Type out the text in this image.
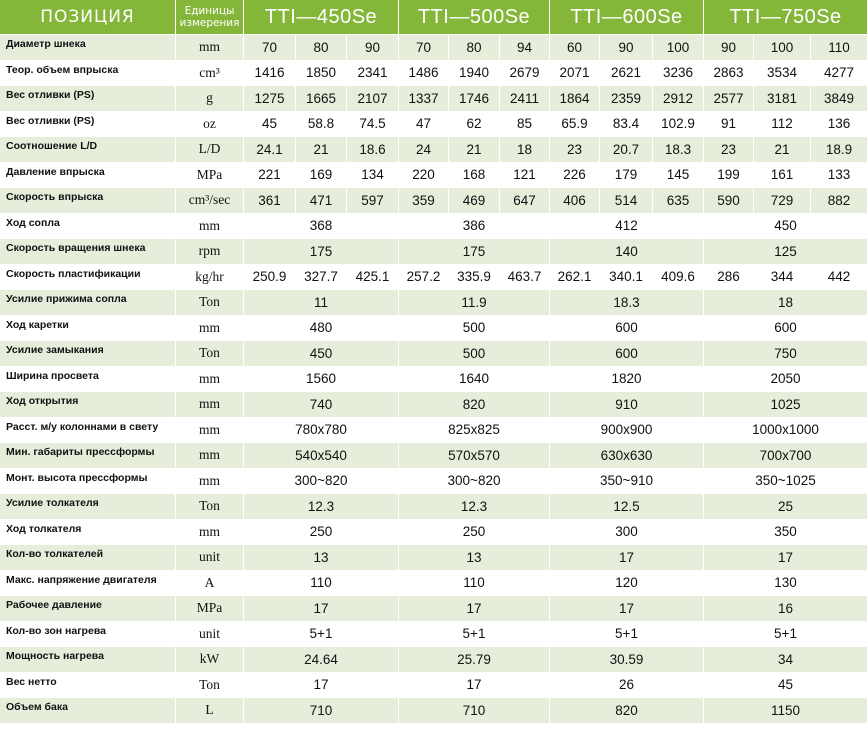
ПОЗИЦИЯ	Единицы измерения	TTI—450Se	TTI—500Se	TTI—600Se	TTI—750Se
Диаметр шнека	mm	70	80	90	70	80	94	60	90	100	90	100	110
Теор. объем впрыска	cm³	1416	1850	2341	1486	1940	2679	2071	2621	3236	2863	3534	4277
Вес отливки (PS)	g	1275	1665	2107	1337	1746	2411	1864	2359	2912	2577	3181	3849
Вес отливки (PS)	oz	45	58.8	74.5	47	62	85	65.9	83.4	102.9	91	112	136
Соотношение L/D	L/D	24.1	21	18.6	24	21	18	23	20.7	18.3	23	21	18.9
Давление впрыска	MPa	221	169	134	220	168	121	226	179	145	199	161	133
Скорость впрыска	cm³/sec	361	471	597	359	469	647	406	514	635	590	729	882
Ход сопла	mm	368	386	412	450
Скорость вращения шнека	rpm	175	175	140	125
Скорость пластификации	kg/hr	250.9	327.7	425.1	257.2	335.9	463.7	262.1	340.1	409.6	286	344	442
Усилие прижима сопла	Ton	11	11.9	18.3	18
Ход каретки	mm	480	500	600	600
Усилие замыкания	Ton	450	500	600	750
Ширина просвета	mm	1560	1640	1820	2050
Ход открытия	mm	740	820	910	1025
Расст. м/у колоннами в свету	mm	780x780	825x825	900x900	1000x1000
Мин. габариты прессформы	mm	540x540	570x570	630x630	700x700
Монт. высота прессформы	mm	300~820	300~820	350~910	350~1025
Усилие толкателя	Ton	12.3	12.3	12.5	25
Ход толкателя	mm	250	250	300	350
Кол-во толкателей	unit	13	13	17	17
Макс. напряжение двигателя	A	110	110	120	130
Рабочее давление	MPa	17	17	17	16
Кол-во зон нагрева	unit	5+1	5+1	5+1	5+1
Мощность нагрева	kW	24.64	25.79	30.59	34
Вес нетто	Ton	17	17	26	45
Объем бака	L	710	710	820	1150
